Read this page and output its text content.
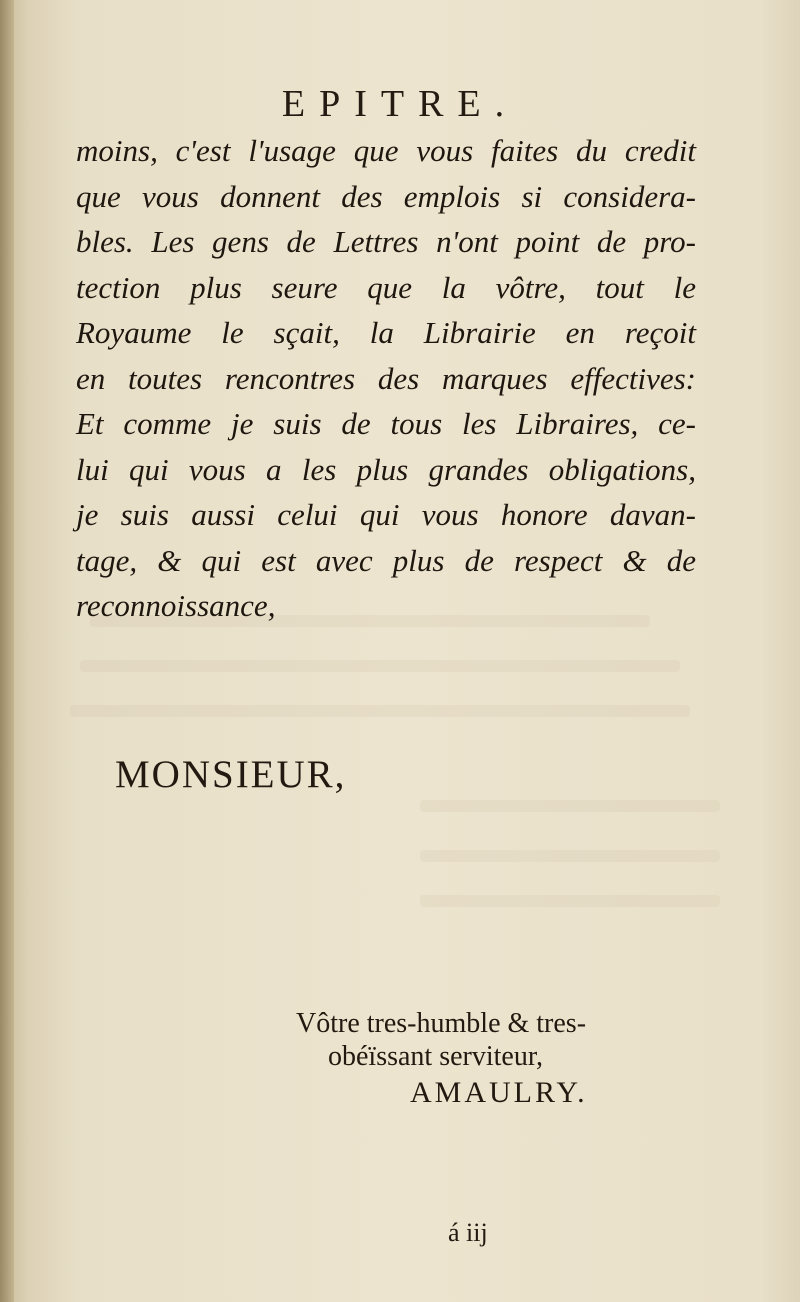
EPITRE.
moins, c'est l'usage que vous faites du credit
que vous donnent des emplois si considera-
bles. Les gens de Lettres n'ont point de pro-
tection plus seure que la vôtre, tout le
Royaume le sçait, la Librairie en reçoit
en toutes rencontres des marques effectives:
Et comme je suis de tous les Libraires, ce-
lui qui vous a les plus grandes obligations,
je suis aussi celui qui vous honore davan-
tage, & qui est avec plus de respect & de
reconnoissance,
MONSIEUR,
Vôtre tres-humble & tres-
obéïssant serviteur,
AMAULRY.
á iij
